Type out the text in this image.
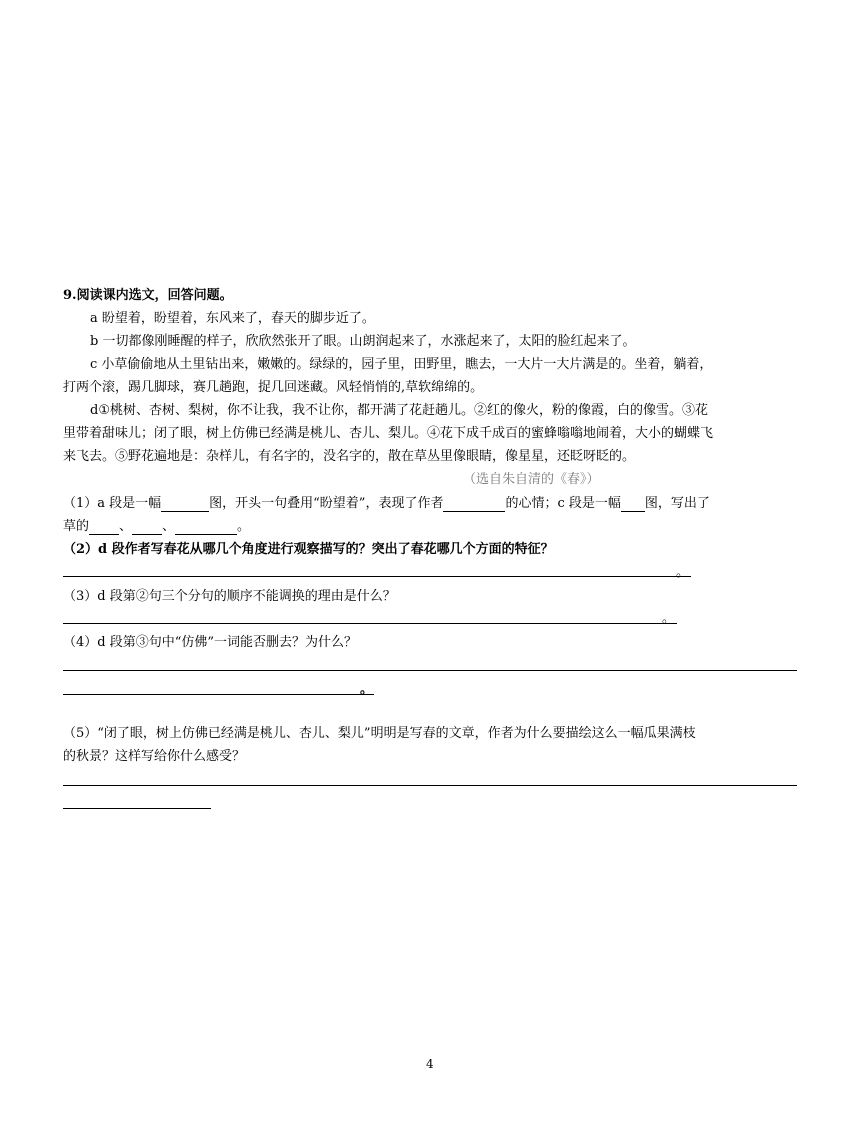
9.阅读课内选文，回答问题。
a 盼望着，盼望着，东风来了，春天的脚步近了。
b 一切都像刚睡醒的样子，欣欣然张开了眼。山朗润起来了，水涨起来了，太阳的脸红起来了。
c 小草偷偷地从土里钻出来，嫩嫩的。绿绿的，园子里，田野里，瞧去，一大片一大片满是的。坐着，躺着，
打两个滚，踢几脚球，赛几趟跑，捉几回迷藏。风轻悄悄的,草软绵绵的。
d①桃树、杏树、梨树，你不让我，我不让你，都开满了花赶趟儿。②红的像火，粉的像霞，白的像雪。③花
里带着甜味儿；闭了眼，树上仿佛已经满是桃儿、杏儿、梨儿。④花下成千成百的蜜蜂嗡嗡地闹着，大小的蝴蝶飞
来飞去。⑤野花遍地是：杂样儿，有名字的，没名字的，散在草丛里像眼睛，像星星，还眨呀眨的。
（选自朱自清的《春》）
（1）a 段是一幅	图，开头一句叠用“盼望着”，表现了作者	的心情；c 段是一幅 图，写出了
草的 、 、	。
（2）d 段作者写春花从哪几个角度进行观察描写的？突出了春花哪几个方面的特征？
。
（3）d 段第②句三个分句的顺序不能调换的理由是什么？
。
（4）d 段第③句中“仿佛”一词能否删去？为什么？
。
（5）“闭了眼，树上仿佛已经满是桃儿、杏儿、梨儿”明明是写春的文章，作者为什么要描绘这么一幅瓜果满枝
的秋景？这样写给你什么感受？
4
